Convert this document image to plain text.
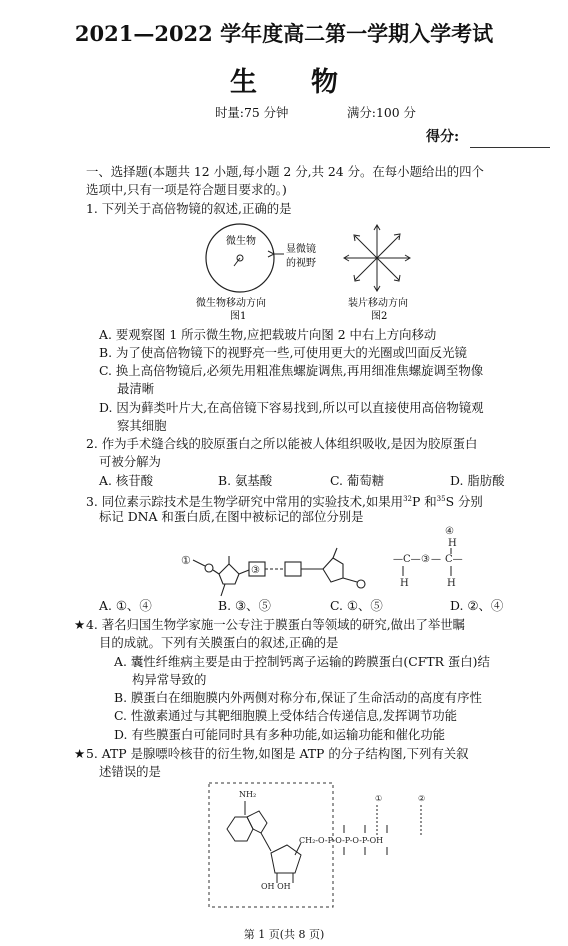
2021—2022 学年度高二第一学期入学考试
生　　物
时量:75 分钟	满分:100 分
得分:
一、选择题(本题共 12 小题,每小题 2 分,共 24 分。在每小题给出的四个
选项中,只有一项是符合题目要求的。)
1. 下列关于高倍物镜的叙述,正确的是
微生物
显微镜
的视野
微生物移动方向
图1
装片移动方向
图2
A. 要观察图 1 所示微生物,应把载玻片向图 2 中右上方向移动
B. 为了使高倍物镜下的视野亮一些,可使用更大的光圈或凹面反光镜
C. 换上高倍物镜后,必须先用粗准焦螺旋调焦,再用细准焦螺旋调至物像
最清晰
D. 因为藓类叶片大,在高倍镜下容易找到,所以可以直接使用高倍物镜观
察其细胞
2. 作为手术缝合线的胶原蛋白之所以能被人体组织吸收,是因为胶原蛋白
可被分解为
A. 核苷酸	B. 氨基酸	C. 葡萄糖	D. 脂肪酸
3. 同位素示踪技术是生物学研究中常用的实验技术,如果用$^{32}$P 和$^{35}$S 分别
标记 DNA 和蛋白质,在图中被标记的部位分别是
①
③
④
H
—C— ③ — C—
H	H
A. ①、④	B. ③、⑤	C. ①、⑤	D. ②、④
★ 4. 著名归国生物学家施一公专注于膜蛋白等领域的研究,做出了举世瞩
目的成就。下列有关膜蛋白的叙述,正确的是
A. 囊性纤维病主要是由于控制钙离子运输的跨膜蛋白(CFTR 蛋白)结
构异常导致的
B. 膜蛋白在细胞膜内外两侧对称分布,保证了生命活动的高度有序性
C. 性激素通过与其靶细胞膜上受体结合传递信息,发挥调节功能
D. 有些膜蛋白可能同时具有多种功能,如运输功能和催化功能
★ 5. ATP 是腺嘌呤核苷的衍生物,如图是 ATP 的分子结构图,下列有关叙
述错误的是
NH₂	①	②
CH₂-O-P-O-P-O-P-OH
OH OH
第 1 页(共 8 页)
